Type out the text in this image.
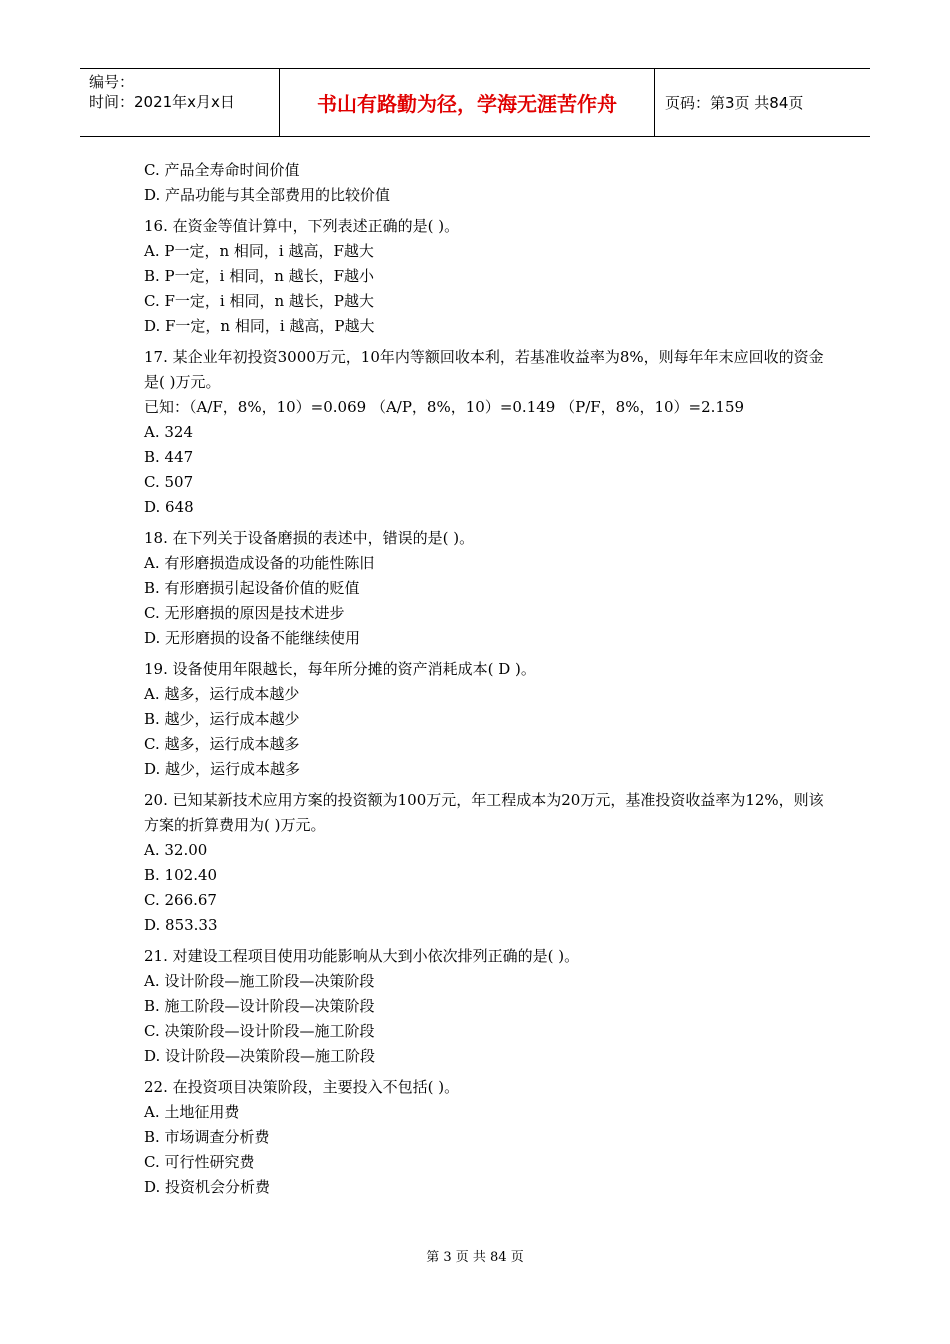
编号：
时间：2021年x月x日	书山有路勤为径，学海无涯苦作舟	页码：第3页 共84页
C. 产品全寿命时间价值
D. 产品功能与其全部费用的比较价值
16. 在资金等值计算中，下列表述正确的是( )。
A. P一定，n 相同，i 越高，F越大
B. P一定，i 相同，n 越长，F越小
C. F一定，i 相同，n 越长，P越大
D. F一定，n 相同，i 越高，P越大
17. 某企业年初投资3000万元，10年内等额回收本利，若基准收益率为8%，则每年年末应回收的资金是( )万元。
已知：（A/F，8%，10）=0.069 （A/P，8%，10）=0.149 （P/F，8%，10）=2.159
A. 324
B. 447
C. 507
D. 648
18. 在下列关于设备磨损的表述中，错误的是( )。
A. 有形磨损造成设备的功能性陈旧
B. 有形磨损引起设备价值的贬值
C. 无形磨损的原因是技术进步
D. 无形磨损的设备不能继续使用
19. 设备使用年限越长，每年所分摊的资产消耗成本( D )。
A. 越多，运行成本越少
B. 越少，运行成本越少
C. 越多，运行成本越多
D. 越少，运行成本越多
20. 已知某新技术应用方案的投资额为100万元，年工程成本为20万元，基准投资收益率为12%，则该方案的折算费用为( )万元。
A. 32.00
B. 102.40
C. 266.67
D. 853.33
21. 对建设工程项目使用功能影响从大到小依次排列正确的是( )。
A. 设计阶段—施工阶段—决策阶段
B. 施工阶段—设计阶段—决策阶段
C. 决策阶段—设计阶段—施工阶段
D. 设计阶段—决策阶段—施工阶段
22. 在投资项目决策阶段，主要投入不包括( )。
A. 土地征用费
B. 市场调查分析费
C. 可行性研究费
D. 投资机会分析费
第 3 页 共 84 页
